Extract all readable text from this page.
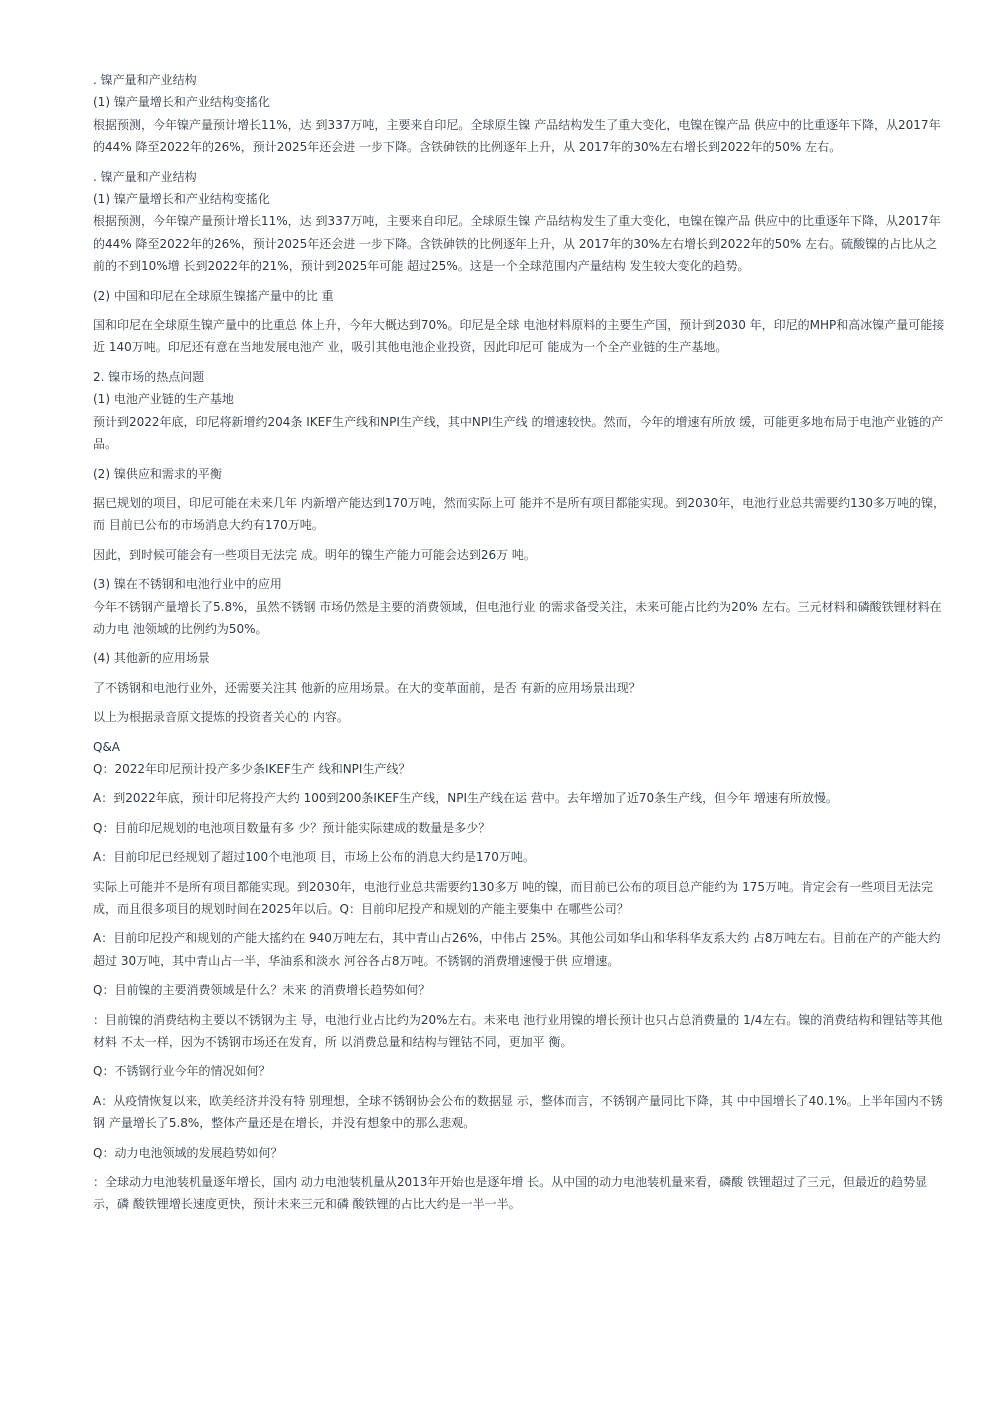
. 镍产量和产业结构

(1) 镍产量增长和产业结构变搖化

根据预测，今年镍产量预计增长11%，达 到337万吨，主要来自印尼。全球原生镍 产品结构发生了重大变化，电镍在镍产品 供应中的比重逐年下降，从2017年的44% 降至2022年的26%，预计2025年还会进 一步下降。含铁砷铁的比例逐年上升，从 2017年的30%左右增长到2022年的50% 左右。

. 镍产量和产业结构

(1) 镍产量增长和产业结构变搖化

根据预测，今年镍产量预计增长11%，达 到337万吨，主要来自印尼。全球原生镍 产品结构发生了重大变化，电镍在镍产品 供应中的比重逐年下降，从2017年的44% 降至2022年的26%，预计2025年还会进 一步下降。含铁砷铁的比例逐年上升，从 2017年的30%左右增长到2022年的50% 左右。硫酸镍的占比从之前的不到10%增 长到2022年的21%，预计到2025年可能 超过25%。这是一个全球范围内产量结构 发生较大变化的趋势。

(2) 中国和印尼在全球原生镍搖产量中的比 重

国和印尼在全球原生镍产量中的比重总 体上升，今年大概达到70%。印尼是全球 电池材料原料的主要生产国，预计到2030 年，印尼的MHP和高冰镍产量可能接近 140万吨。印尼还有意在当地发展电池产 业，吸引其他电池企业投资，因此印尼可 能成为一个全产业链的生产基地。

2. 镍市场的热点问题

(1) 电池产业链的生产基地

预计到2022年底，印尼将新增约204条 IKEF生产线和NPI生产线，其中NPI生产线 的增速较快。然而，今年的增速有所放 缓，可能更多地布局于电池产业链的产 品。

(2) 镍供应和需求的平衡

据已规划的项目，印尼可能在未来几年 内新增产能达到170万吨，然而实际上可 能并不是所有项目都能实现。到2030年，电池行业总共需要约130多万吨的镍，而 目前已公布的市场消息大约有170万吨。

因此，到时候可能会有一些项目无法完 成。明年的镍生产能力可能会达到26万 吨。

(3) 镍在不锈钢和电池行业中的应用

今年不锈钢产量增长了5.8%，虽然不锈钢 市场仍然是主要的消费领域，但电池行业 的需求备受关注，未来可能占比约为20% 左右。三元材料和磷酸铁锂材料在动力电 池领域的比例约为50%。

(4) 其他新的应用场景

了不锈钢和电池行业外，还需要关注其 他新的应用场景。在大的变革面前，是否 有新的应用场景出现？

以上为根据录音原文提炼的投资者关心的 内容。

Q&A

Q：2022年印尼预计投产多少条IKEF生产 线和NPI生产线？

A：到2022年底，预计印尼将投产大约 100到200条IKEF生产线，NPI生产线在运 营中。去年增加了近70条生产线，但今年 增速有所放慢。

Q：目前印尼规划的电池项目数量有多 少？预计能实际建成的数量是多少？

A：目前印尼已经规划了超过100个电池项 目，市场上公布的消息大约是170万吨。

实际上可能并不是所有项目都能实现。到2030年，电池行业总共需要约130多万 吨的镍，而目前已公布的项目总产能约为 175万吨。肯定会有一些项目无法完成，而且很多项目的规划时间在2025年以后。Q：目前印尼投产和规划的产能主要集中 在哪些公司？

A：目前印尼投产和规划的产能大搖约在 940万吨左右，其中青山占26%，中伟占 25%。其他公司如华山和华科华友系大约 占8万吨左右。目前在产的产能大约超过 30万吨，其中青山占一半，华油系和淡水 河谷各占8万吨。不锈钢的消费增速慢于供 应增速。

Q：目前镍的主要消费领域是什么？未来 的消费增长趋势如何？

：目前镍的消费结构主要以不锈钢为主 导，电池行业占比约为20%左右。未来电 池行业用镍的增长预计也只占总消费量的 1/4左右。镍的消费结构和锂钴等其他材料 不太一样，因为不锈钢市场还在发育，所 以消费总量和结构与锂钴不同，更加平 衡。

Q：不锈钢行业今年的情况如何？

A：从疫情恢复以来，欧美经济并没有特 别理想，全球不锈钢协会公布的数据显 示，整体而言，不锈钢产量同比下降，其 中中国增长了40.1%。上半年国内不锈钢 产量增长了5.8%，整体产量还是在增长，并没有想象中的那么悲观。

Q：动力电池领域的发展趋势如何？

：全球动力电池装机量逐年增长，国内 动力电池装机量从2013年开始也是逐年增 长。从中国的动力电池装机量来看，磷酸 铁锂超过了三元，但最近的趋势显示，磷 酸铁锂增长速度更快，预计未来三元和磷 酸铁锂的占比大约是一半一半。
